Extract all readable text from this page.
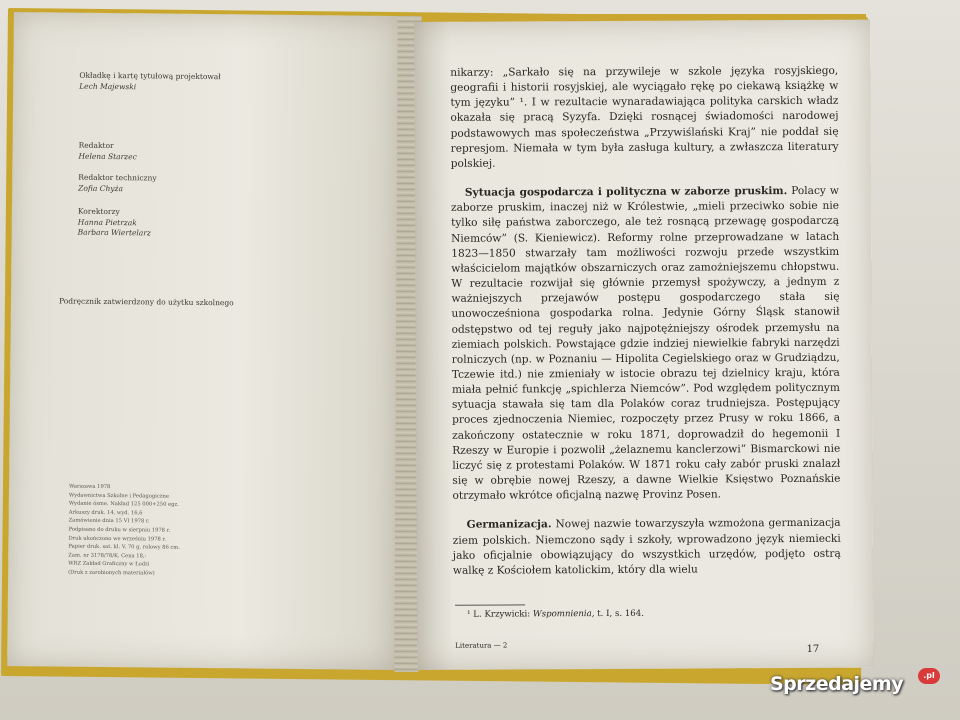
Okładkę i kartę tytułową projektował
Lech Majewski
Redaktor
Helena Starzec
Redaktor techniczny
Zofia Chyża
Korektorzy
Hanna Pietrzak
Barbara Wiertelarz
Podręcznik zatwierdzony do użytku szkolnego
Warszawa 1978
Wydawnictwa Szkolne i Pedagogiczne
Wydanie ósme. Nakład 125 000+250 egz.
Arkuszy druk. 14, wyd. 16,6
Zamówienie dnia 15 VI 1978 r.
Podpisano do druku w sierpniu 1978 r.
Druk ukończono we wrześniu 1978 r.
Papier druk. sat. kl. V, 70 g, rolowy 86 cm.
Zam. nr 3178/78/K. Cena 18,-
WRZ Zakład Graficzny w Łodzi
(Druk z zarobionych materiałów)

nikarzy: „Sarkało się na przywileje w szkole języka rosyjskiego, geografii i historii rosyjskiej, ale wyciągało rękę po ciekawą książkę w tym języku” ¹. I w rezultacie wynaradawiająca polityka carskich władz okazała się pracą Syzyfa. Dzięki rosnącej świadomości narodowej podstawowych mas społeczeństwa „Przywiślański Kraj” nie poddał się represjom. Niemała w tym była zasługa kultury, a zwłaszcza literatury polskiej.

Sytuacja gospodarcza i polityczna w zaborze pruskim. Polacy w zaborze pruskim, inaczej niż w Królestwie, „mieli przeciwko sobie nie tylko siłę państwa zaborczego, ale też rosnącą przewagę gospodarczą Niemców” (S. Kieniewicz). Reformy rolne przeprowadzane w latach 1823—1850 stwarzały tam możliwości rozwoju przede wszystkim właścicielom majątków obszarniczych oraz zamożniejszemu chłopstwu. W rezultacie rozwijał się głównie przemysł spożywczy, a jednym z ważniejszych przejawów postępu gospodarczego stała się unowocześniona gospodarka rolna. Jedynie Górny Śląsk stanowił odstępstwo od tej reguły jako najpotężniejszy ośrodek przemysłu na ziemiach polskich. Powstające gdzie indziej niewielkie fabryki narzędzi rolniczych (np. w Poznaniu — Hipolita Cegielskiego oraz w Grudziądzu, Tczewie itd.) nie zmieniały w istocie obrazu tej dzielnicy kraju, która miała pełnić funkcję „spichlerza Niemców”. Pod względem politycznym sytuacja stawała się tam dla Polaków coraz trudniejsza. Postępujący proces zjednoczenia Niemiec, rozpoczęty przez Prusy w roku 1866, a zakończony ostatecznie w roku 1871, doprowadził do hegemonii I Rzeszy w Europie i pozwolił „żelaznemu kanclerzowi” Bismarckowi nie liczyć się z protestami Polaków. W 1871 roku cały zabór pruski znalazł się w obrębie nowej Rzeszy, a dawne Wielkie Księstwo Poznańskie otrzymało wkrótce oficjalną nazwę Provinz Posen.

Germanizacja. Nowej nazwie towarzyszyła wzmożona germanizacja ziem polskich. Niemczono sądy i szkoły, wprowadzono język niemiecki jako oficjalnie obowiązujący do wszystkich urzędów, podjęto ostrą walkę z Kościołem katolickim, który dla wielu

¹ L. Krzywicki: Wspomnienia, t. I, s. 164.
Literatura — 2	17
Sprzedajemy	.pl
